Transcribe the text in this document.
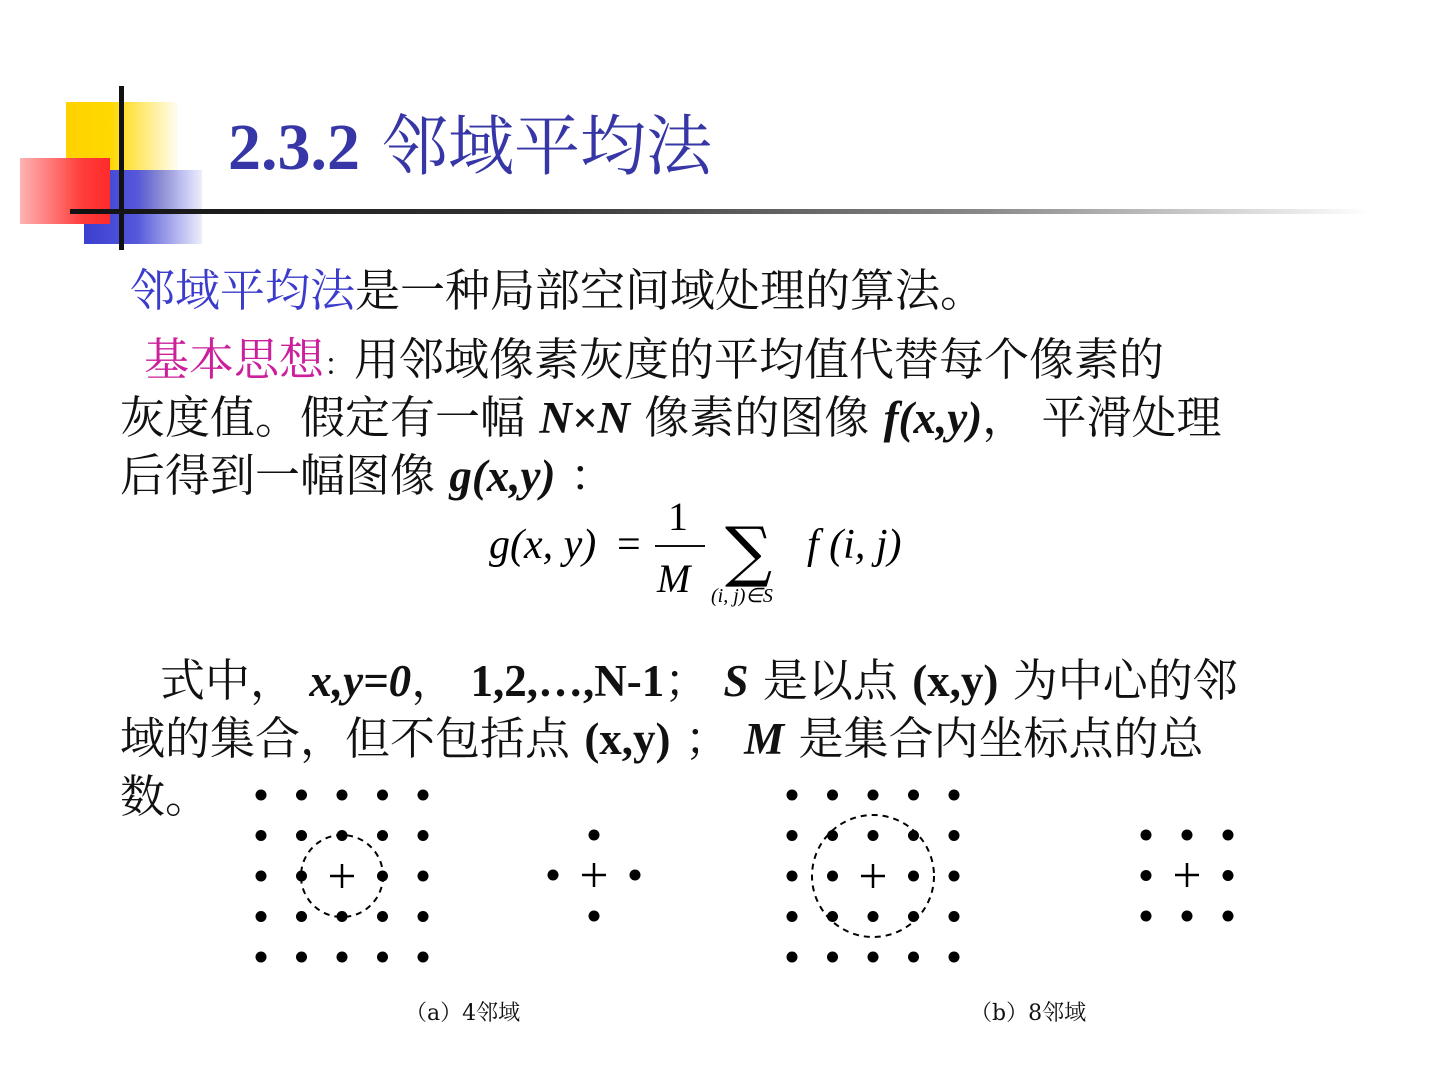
2.3.2 邻域平均法
邻域平均法是一种局部空间域处理的算法。
基本思想：用邻域像素灰度的平均值代替每个像素的
灰度值。假定有一幅 N×N 像素的图像 f(x,y)， 平滑处理
后得到一幅图像 g(x,y) ：
g(x, y) =
1
M ∑
(i, j)∈S
f (i, j)
式中， x,y=0， 1,2,…,N-1； S 是以点 (x,y) 为中心的邻
域的集合，但不包括点 (x,y) ； M 是集合内坐标点的总
数。
（a）4邻域	（b）8邻域
